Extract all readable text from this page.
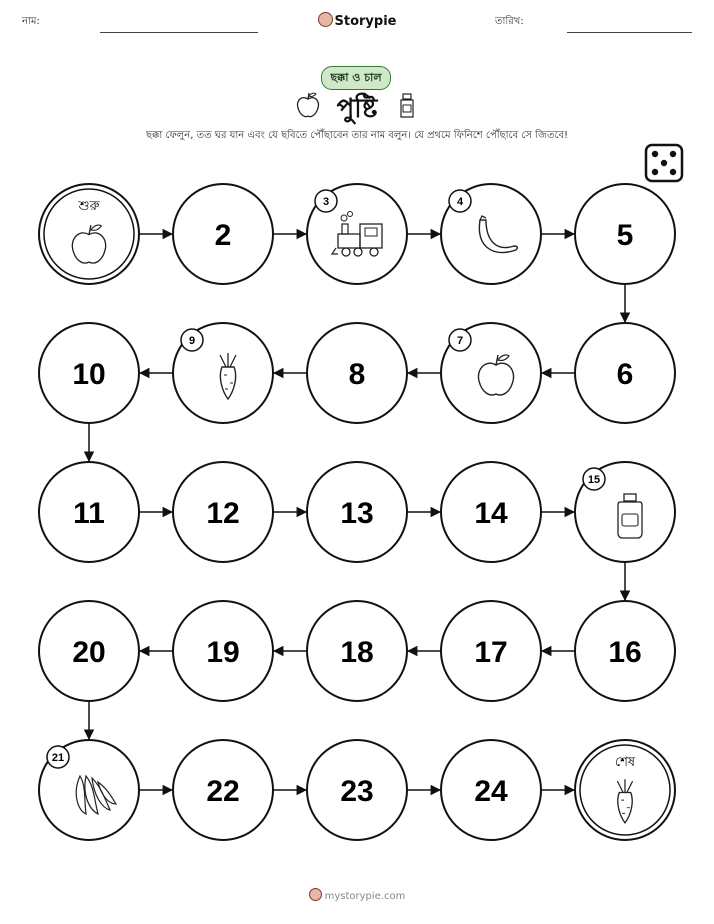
নাম:	Storypie	তারিখ:
ছক্কা ও চাল
পুষ্টি
ছক্কা ফেলুন, তত ঘর যান এবং যে ছবিতে পৌঁছাবেন তার নাম বলুন। যে প্রথমে ফিনিশে পৌঁছাবে সে জিতবে!
শুরু
2
3	4
5
6
7
8
9
10
11	12	13	14
15
16
17
18
19
20
21
22	23	24
শেষ
mystorypie.com
